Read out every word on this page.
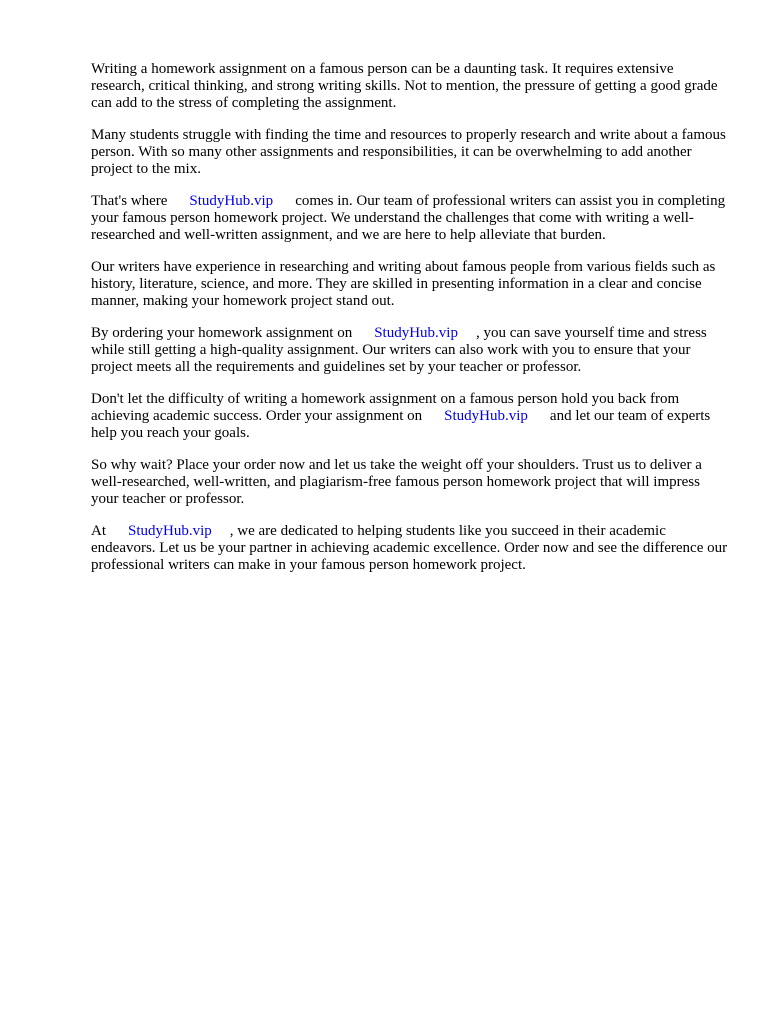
Writing a homework assignment on a famous person can be a daunting task. It requires extensive research, critical thinking, and strong writing skills. Not to mention, the pressure of getting a good grade can add to the stress of completing the assignment.

Many students struggle with finding the time and resources to properly research and write about a famous person. With so many other assignments and responsibilities, it can be overwhelming to add another project to the mix.

That's where StudyHub.vip comes in. Our team of professional writers can assist you in completing your famous person homework project. We understand the challenges that come with writing a well-researched and well-written assignment, and we are here to help alleviate that burden.

Our writers have experience in researching and writing about famous people from various fields such as history, literature, science, and more. They are skilled in presenting information in a clear and concise manner, making your homework project stand out.

By ordering your homework assignment on StudyHub.vip , you can save yourself time and stress while still getting a high-quality assignment. Our writers can also work with you to ensure that your project meets all the requirements and guidelines set by your teacher or professor.

Don't let the difficulty of writing a homework assignment on a famous person hold you back from achieving academic success. Order your assignment on StudyHub.vip and let our team of experts help you reach your goals.

So why wait? Place your order now and let us take the weight off your shoulders. Trust us to deliver a well-researched, well-written, and plagiarism-free famous person homework project that will impress your teacher or professor.

At StudyHub.vip , we are dedicated to helping students like you succeed in their academic endeavors. Let us be your partner in achieving academic excellence. Order now and see the difference our professional writers can make in your famous person homework project.
